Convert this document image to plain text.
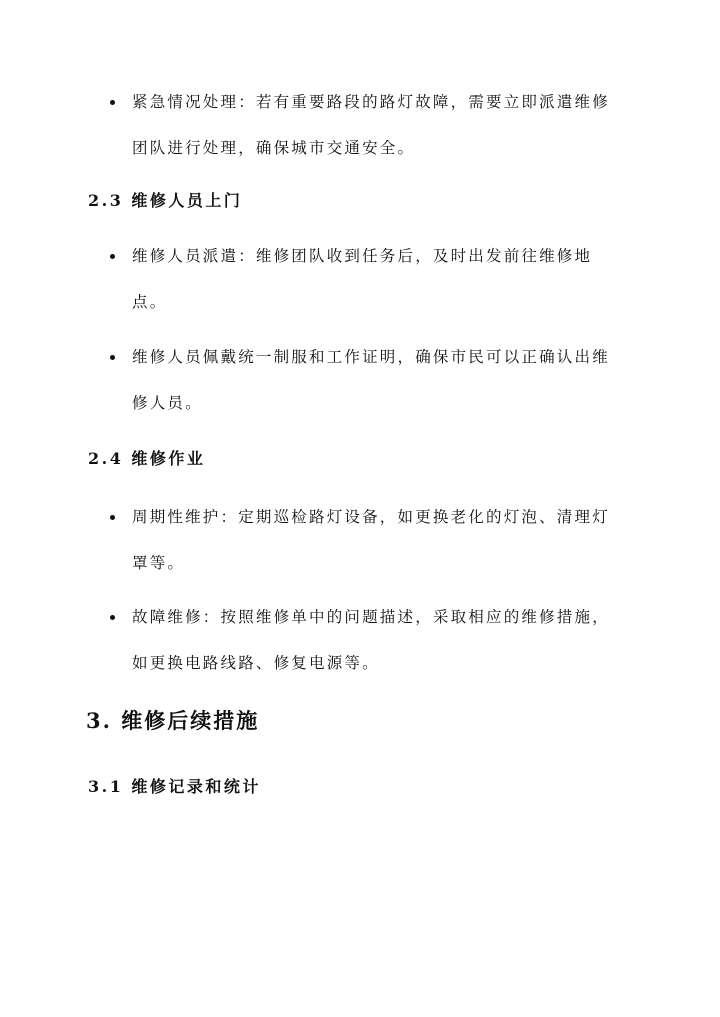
紧急情况处理：若有重要路段的路灯故障，需要立即派遣维修团队进行处理，确保城市交通安全。
2.3 维修人员上门
维修人员派遣：维修团队收到任务后，及时出发前往维修地点。
维修人员佩戴统一制服和工作证明，确保市民可以正确认出维修人员。
2.4 维修作业
周期性维护：定期巡检路灯设备，如更换老化的灯泡、清理灯罩等。
故障维修：按照维修单中的问题描述，采取相应的维修措施，如更换电路线路、修复电源等。
3. 维修后续措施
3.1 维修记录和统计
